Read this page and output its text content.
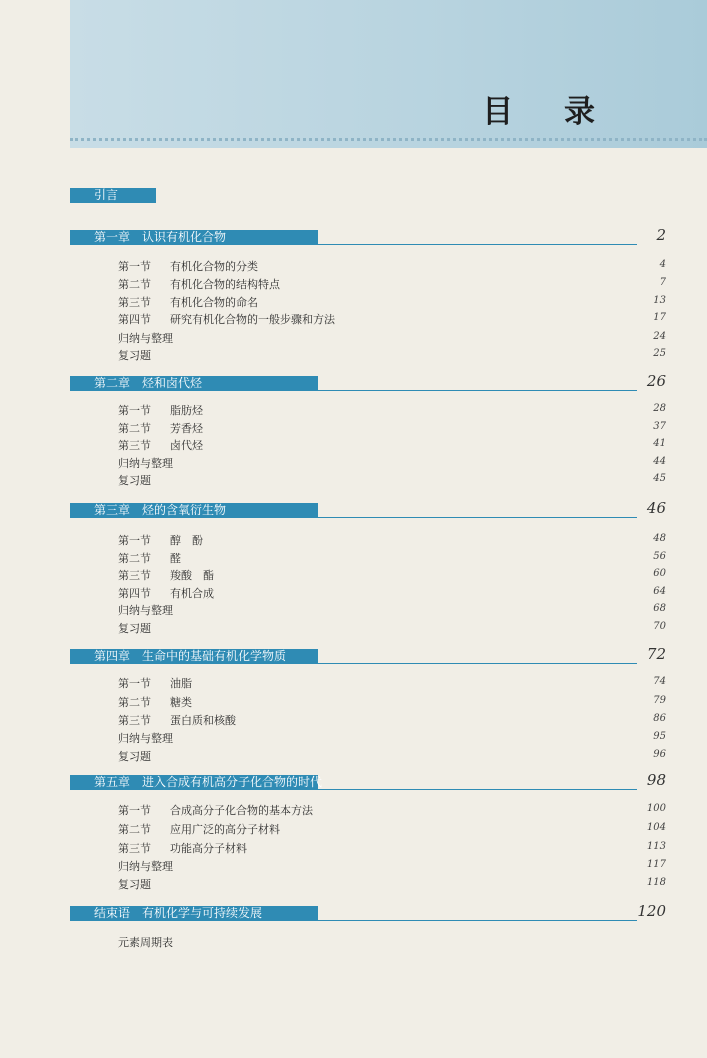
目 录
引言
第一章　认识有机化合物	2
第一节 有机化合物的分类	4
第二节 有机化合物的结构特点	7
第三节 有机化合物的命名	13
第四节 研究有机化合物的一般步骤和方法	17
归纳与整理	24
复习题	25
第二章　烃和卤代烃	26
第一节 脂肪烃	28
第二节 芳香烃	37
第三节 卤代烃	41
归纳与整理	44
复习题	45
第三章　烃的含氧衍生物	46
第一节 醇　酚	48
第二节 醛	56
第三节 羧酸　酯	60
第四节 有机合成	64
归纳与整理	68
复习题	70
第四章　生命中的基础有机化学物质	72
第一节 油脂	74
第二节 糖类	79
第三节 蛋白质和核酸	86
归纳与整理	95
复习题	96
第五章　进入合成有机高分子化合物的时代	98
第一节 合成高分子化合物的基本方法	100
第二节 应用广泛的高分子材料	104
第三节 功能高分子材料	113
归纳与整理	117
复习题	118
结束语　有机化学与可持续发展	120
元素周期表
